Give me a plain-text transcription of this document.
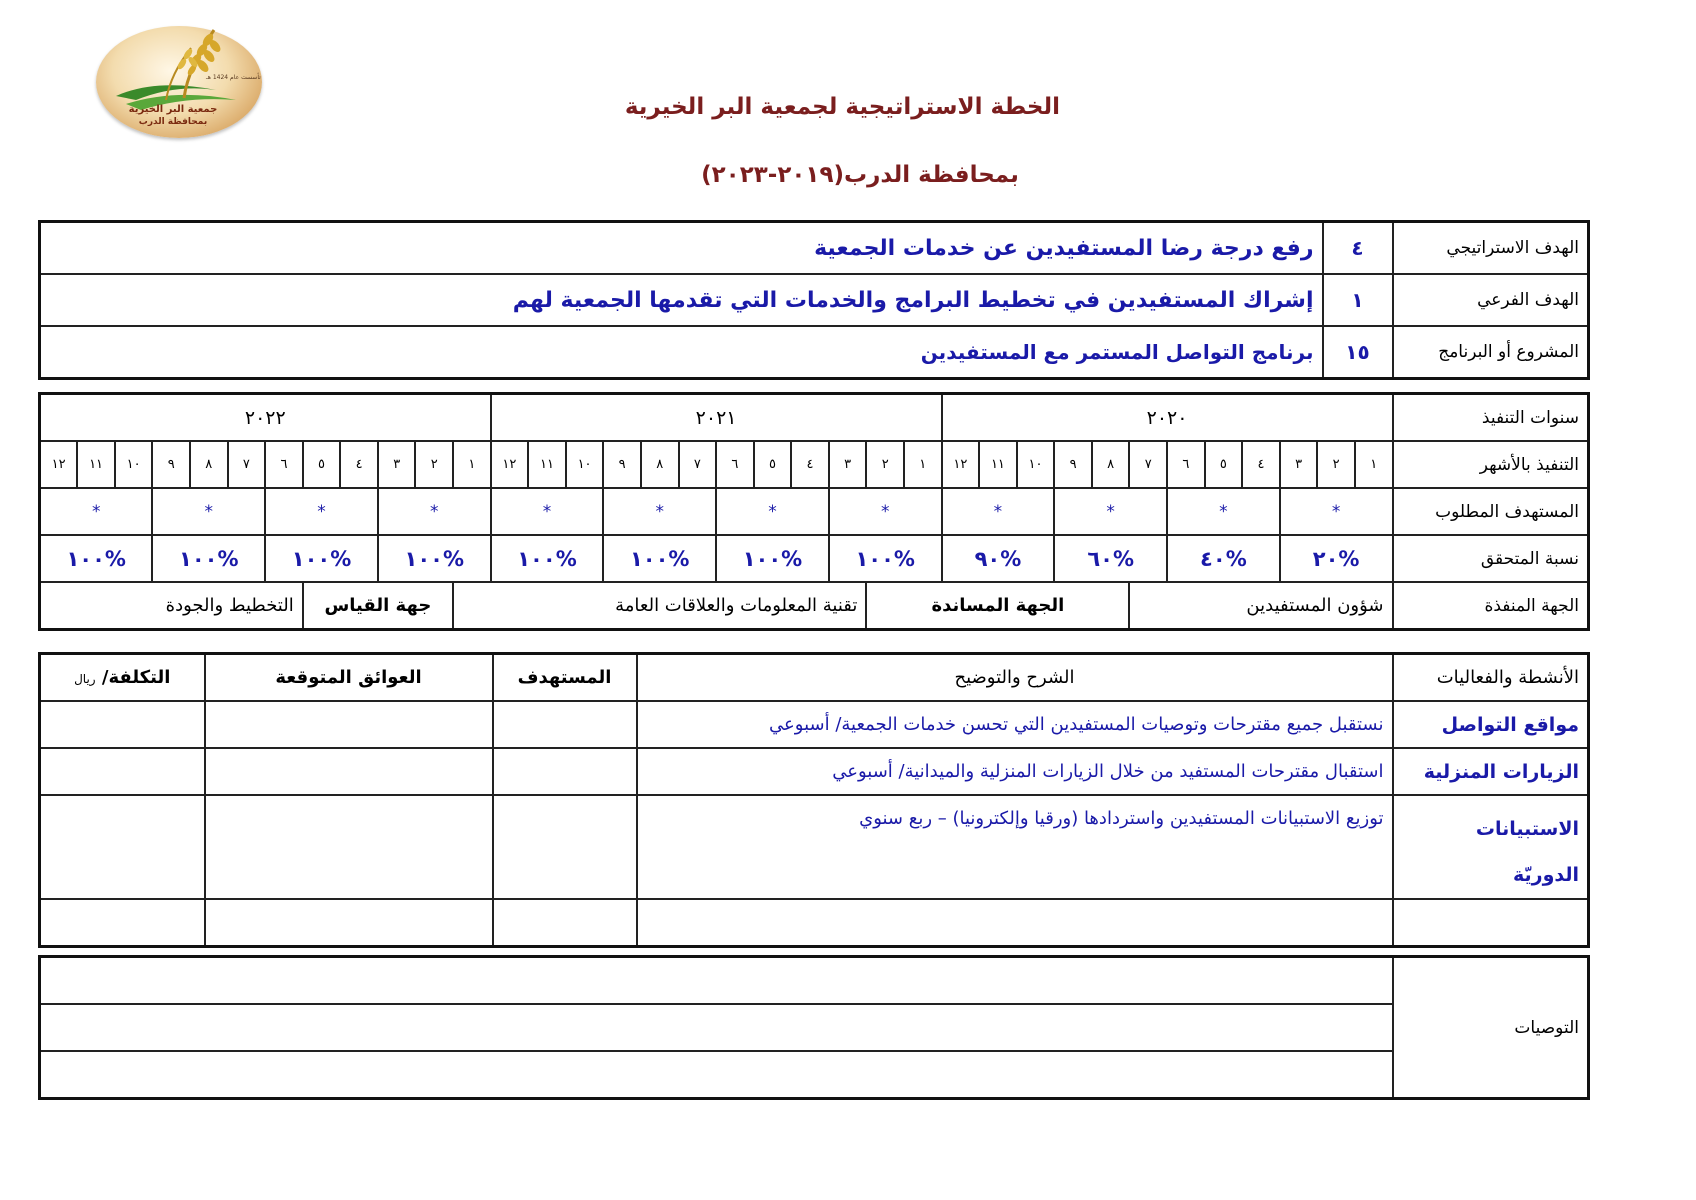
تأسست عام 1424 هـ
جمعية البر الخيرية
بمحافظة الدرب
الخطة الاستراتيجية لجمعية البر الخيرية
بمحافظة الدرب(٢٠١٩-٢٠٢٣)
الهدف الاستراتيجي	٤	رفع درجة رضا المستفيدين عن خدمات الجمعية
الهدف الفرعي	١	إشراك المستفيدين في تخطيط البرامج والخدمات التي تقدمها الجمعية لهم
المشروع أو البرنامج	١٥	برنامج التواصل المستمر مع المستفيدين
سنوات التنفيذ	٢٠٢٠												٢٠٢١												٢٠٢٢											
التنفيذ بالأشهر	١	٢	٣	٤	٥	٦	٧	٨	٩	١٠	١١	١٢	١	٢	٣	٤	٥	٦	٧	٨	٩	١٠	١١	١٢	١	٢	٣	٤	٥	٦	٧	٨	٩	١٠	١١	١٢
المستهدف المطلوب	*			*			*			*			*			*			*			*			*			*			*			*		
نسبة المتحقق	%٢٠			%٤٠			%٦٠			%٩٠			%١٠٠			%١٠٠			%١٠٠			%١٠٠			%١٠٠			%١٠٠			%١٠٠			%١٠٠		
الجهة المنفذة	شؤون المستفيدين							الجهة المساندة							تقنية المعلومات والعلاقات العامة											جهة القياس				التخطيط والجودة						
الأنشطة والفعاليات	الشرح والتوضيح	المستهدف	العوائق المتوقعة	التكلفة/ ريال
مواقع التواصل	نستقبل جميع مقترحات وتوصيات المستفيدين التي تحسن خدمات الجمعية/ أسبوعي			
الزيارات المنزلية	استقبال مقترحات المستفيد من خلال الزيارات المنزلية والميدانية/ أسبوعي			
الاستبيانات
الدوريّة	توزيع الاستبيانات المستفيدين واستردادها (ورقيا وإلكترونيا) – ربع سنوي			

التوصيات	
